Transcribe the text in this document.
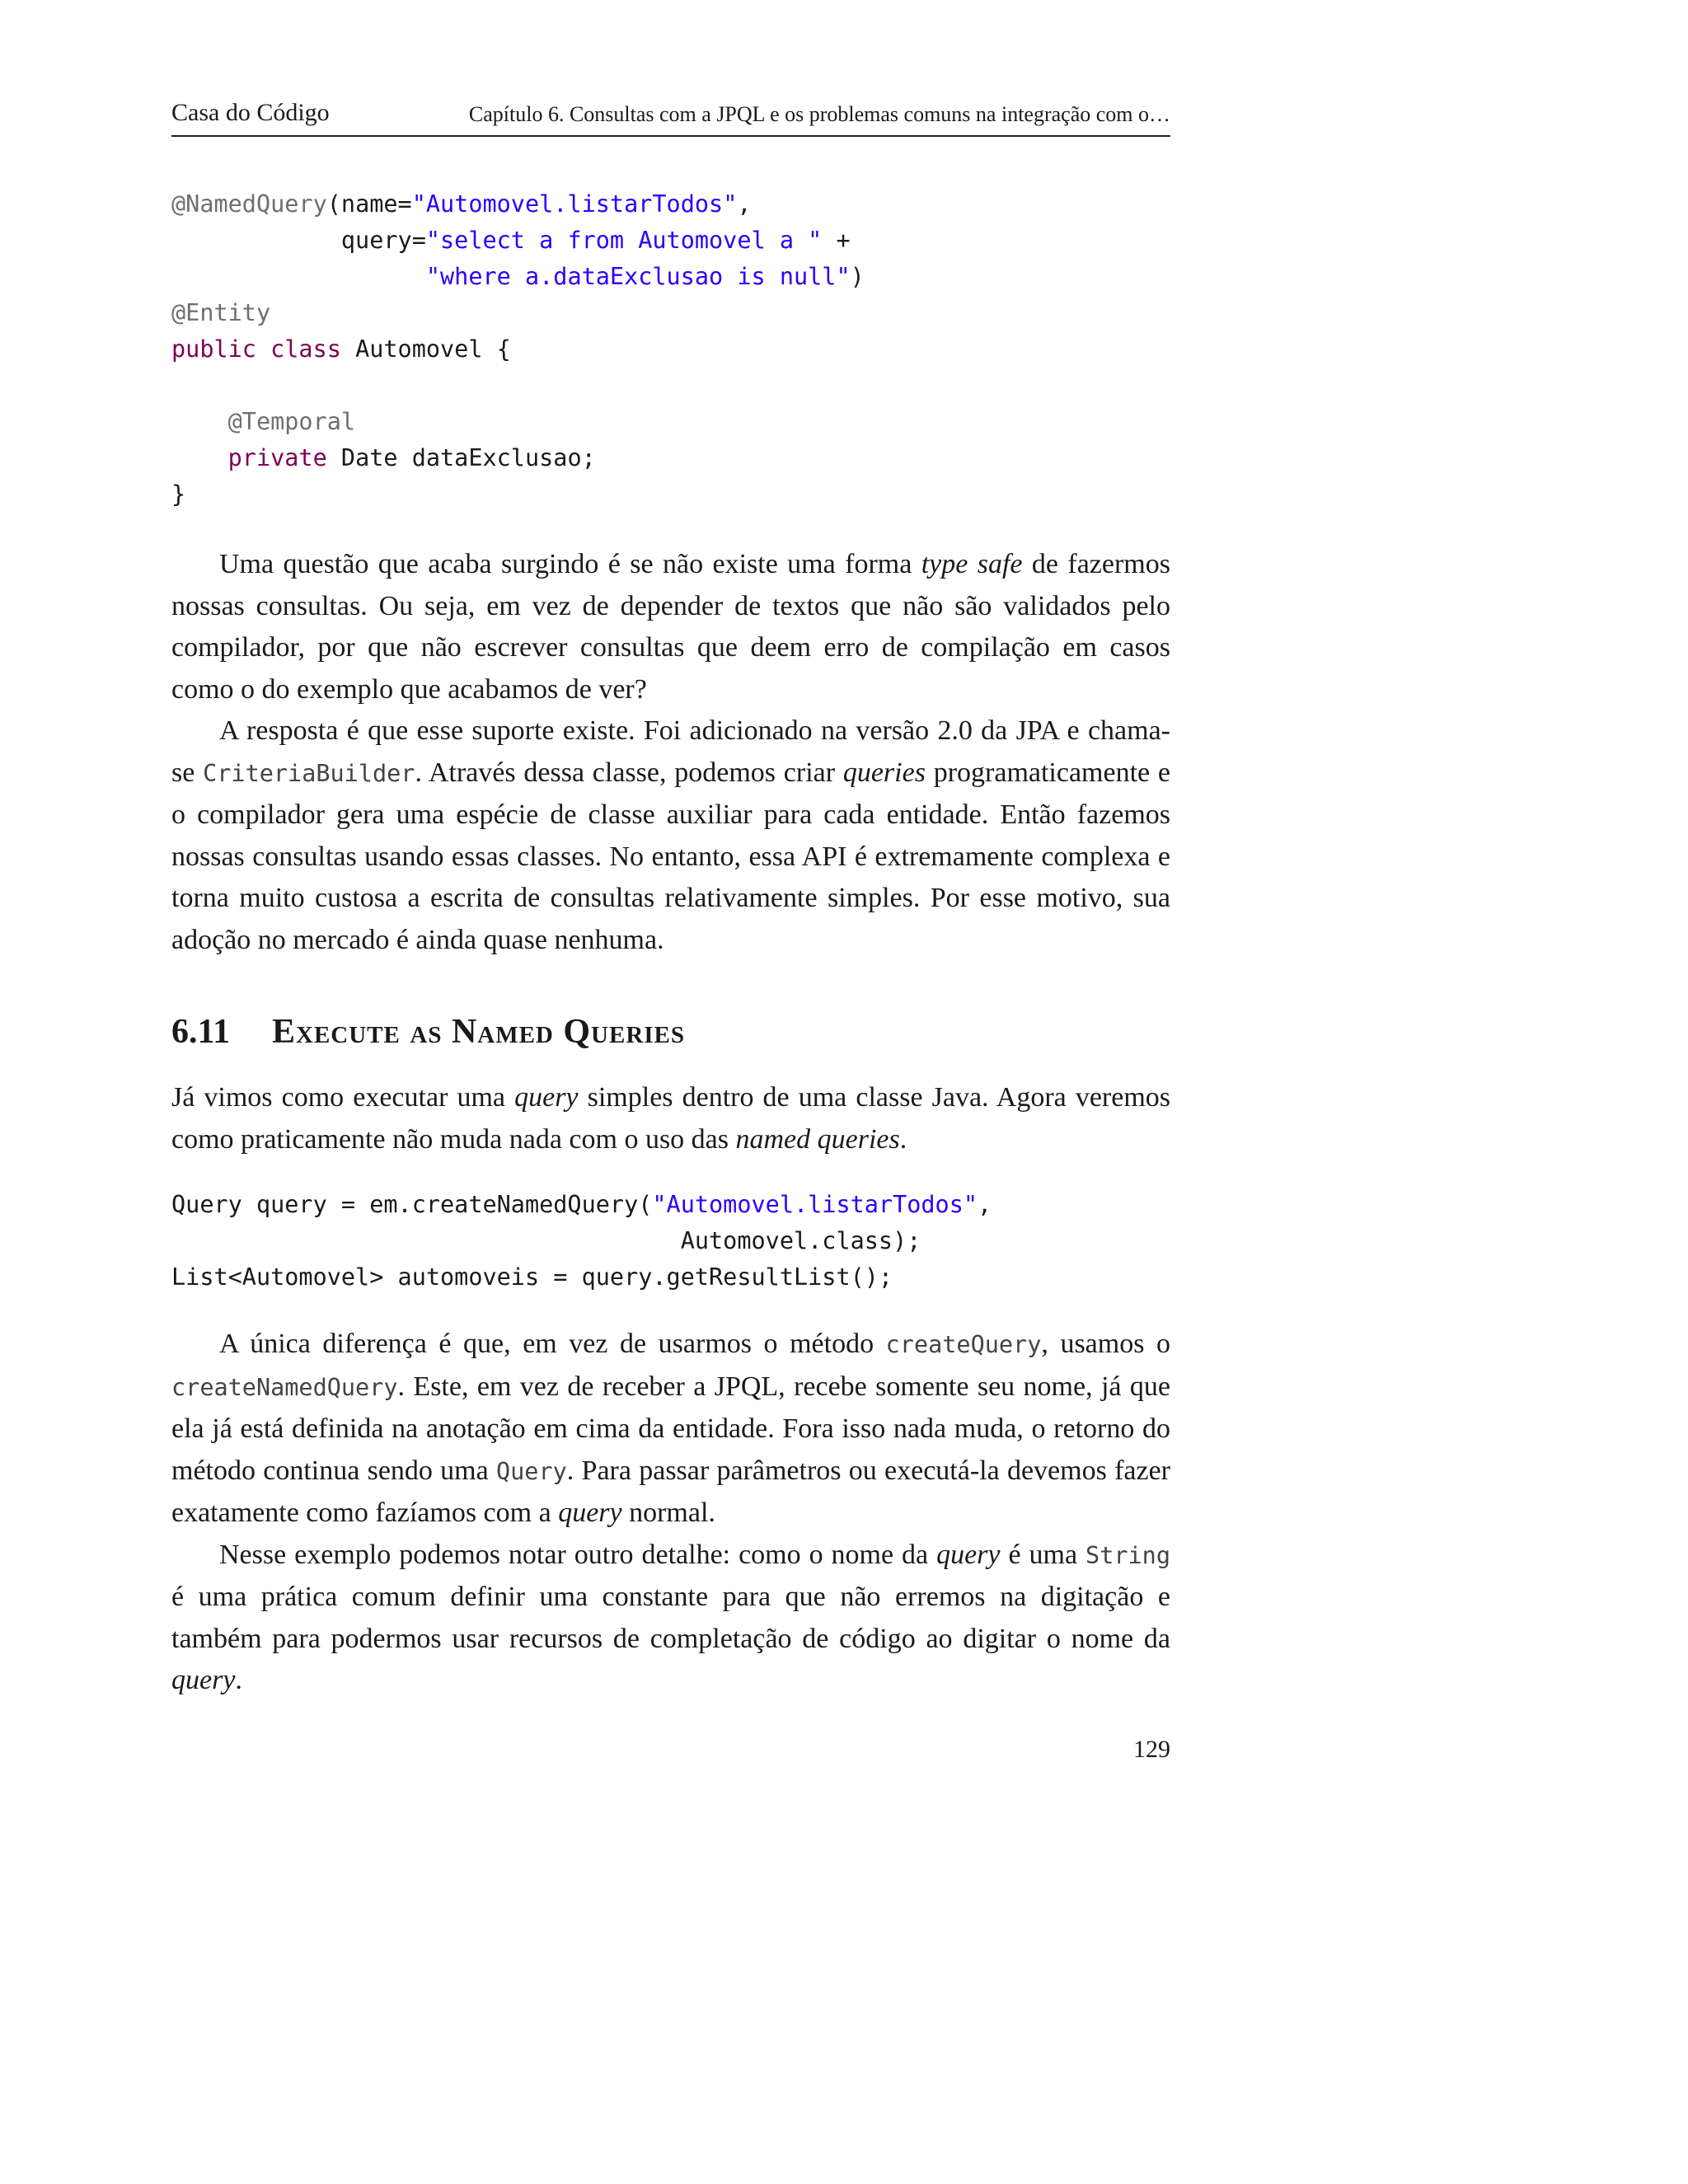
Casa do Código	Capítulo 6. Consultas com a JPQL e os problemas comuns na integração com o…
@NamedQuery(name="Automovel.listarTodos",
query="select a from Automovel a " +
"where a.dataExclusao is null")
@Entity
public class Automovel {

@Temporal
private Date dataExclusao;
}

Uma questão que acaba surgindo é se não existe uma forma type safe de fazermos nossas consultas. Ou seja, em vez de depender de textos que não são validados pelo compilador, por que não escrever consultas que deem erro de compilação em casos como o do exemplo que acabamos de ver?

A resposta é que esse suporte existe. Foi adicionado na versão 2.0 da JPA e chama-se CriteriaBuilder. Através dessa classe, podemos criar queries programaticamente e o compilador gera uma espécie de classe auxiliar para cada entidade. Então fazemos nossas consultas usando essas classes. No entanto, essa API é extremamente complexa e torna muito custosa a escrita de consultas relativamente simples. Por esse motivo, sua adoção no mercado é ainda quase nenhuma.

6.11 Execute as Named Queries

Já vimos como executar uma query simples dentro de uma classe Java. Agora veremos como praticamente não muda nada com o uso das named queries.

Query query = em.createNamedQuery("Automovel.listarTodos",
Automovel.class);
List<Automovel> automoveis = query.getResultList();

A única diferença é que, em vez de usarmos o método createQuery, usamos o createNamedQuery. Este, em vez de receber a JPQL, recebe somente seu nome, já que ela já está definida na anotação em cima da entidade. Fora isso nada muda, o retorno do método continua sendo uma Query. Para passar parâmetros ou executá-la devemos fazer exatamente como fazíamos com a query normal.

Nesse exemplo podemos notar outro detalhe: como o nome da query é uma String é uma prática comum definir uma constante para que não erremos na digitação e também para podermos usar recursos de completação de código ao digitar o nome da query.

129
